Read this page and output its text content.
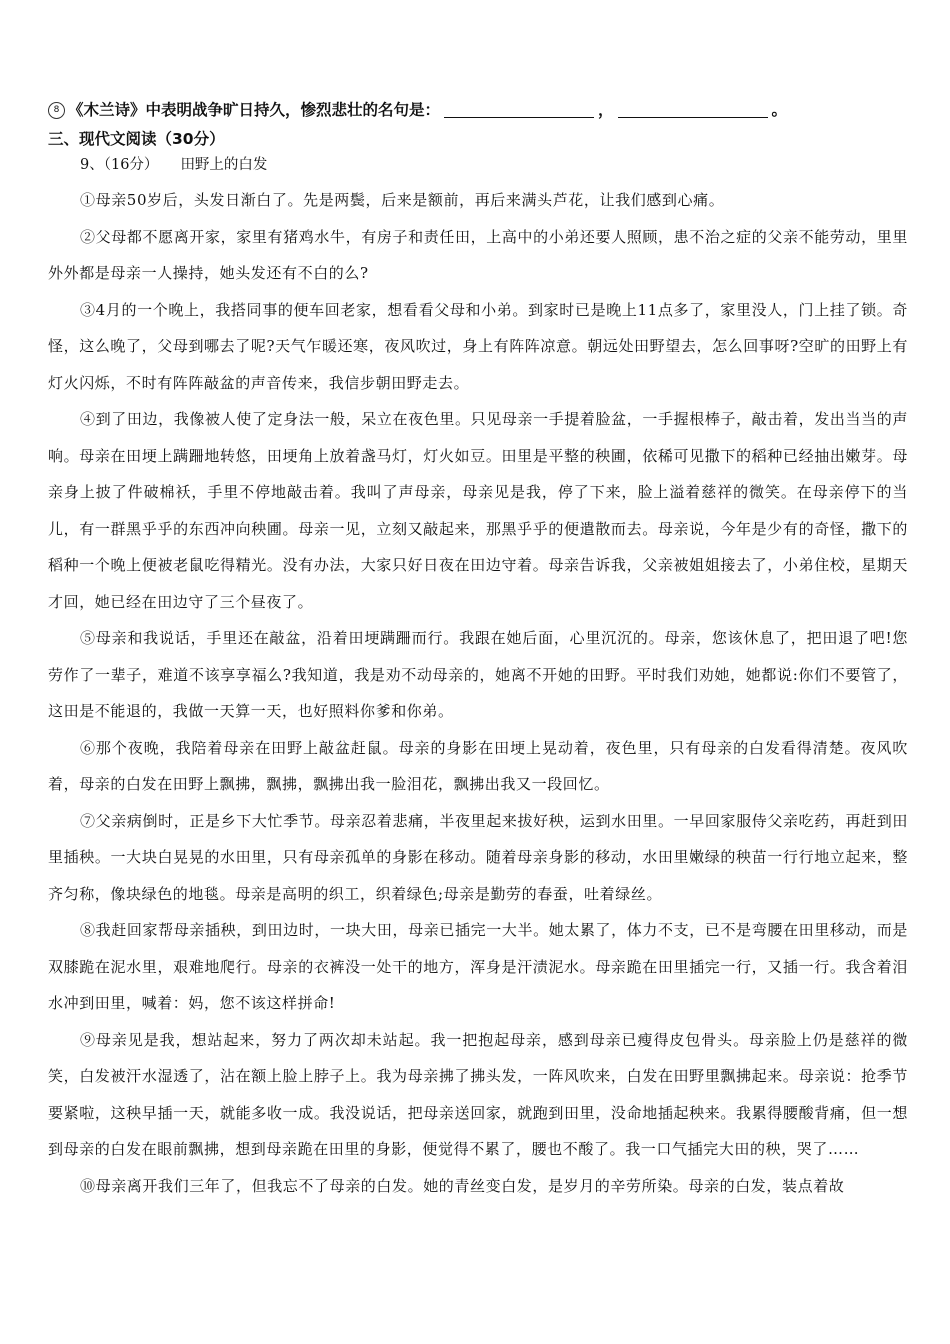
8 《木兰诗》中表明战争旷日持久，惨烈悲壮的名句是：	，	。
三、现代文阅读（30分）
9、（16分） 田野上的白发

①母亲50岁后，头发日渐白了。先是两鬓，后来是额前，再后来满头芦花，让我们感到心痛。

②父母都不愿离开家，家里有猪鸡水牛，有房子和责任田，上高中的小弟还要人照顾，患不治之症的父亲不能劳动，里里外外都是母亲一人操持，她头发还有不白的么?

③4月的一个晚上，我搭同事的便车回老家，想看看父母和小弟。到家时已是晚上11点多了，家里没人，门上挂了锁。奇怪，这么晚了，父母到哪去了呢?天气乍暖还寒，夜风吹过，身上有阵阵凉意。朝远处田野望去，怎么回事呀?空旷的田野上有灯火闪烁，不时有阵阵敲盆的声音传来，我信步朝田野走去。

④到了田边，我像被人使了定身法一般，呆立在夜色里。只见母亲一手提着脸盆，一手握根棒子，敲击着，发出当当的声响。母亲在田埂上蹒跚地转悠，田埂角上放着盏马灯，灯火如豆。田里是平整的秧圃，依稀可见撒下的稻种已经抽出嫩芽。母亲身上披了件破棉袄，手里不停地敲击着。我叫了声母亲，母亲见是我，停了下来，脸上溢着慈祥的微笑。在母亲停下的当儿，有一群黑乎乎的东西冲向秧圃。母亲一见，立刻又敲起来，那黑乎乎的便遣散而去。母亲说，今年是少有的奇怪，撒下的稻种一个晚上便被老鼠吃得精光。没有办法，大家只好日夜在田边守着。母亲告诉我，父亲被姐姐接去了，小弟住校，星期天才回，她已经在田边守了三个昼夜了。

⑤母亲和我说话，手里还在敲盆，沿着田埂蹒跚而行。我跟在她后面，心里沉沉的。母亲，您该休息了，把田退了吧!您劳作了一辈子，难道不该享享福么?我知道，我是劝不动母亲的，她离不开她的田野。平时我们劝她，她都说:你们不要管了，这田是不能退的，我做一天算一天，也好照料你爹和你弟。

⑥那个夜晚，我陪着母亲在田野上敲盆赶鼠。母亲的身影在田埂上晃动着，夜色里，只有母亲的白发看得清楚。夜风吹着，母亲的白发在田野上飘拂，飘拂，飘拂出我一脸泪花，飘拂出我又一段回忆。

⑦父亲病倒时，正是乡下大忙季节。母亲忍着悲痛，半夜里起来拔好秧，运到水田里。一早回家服侍父亲吃药，再赶到田里插秧。一大块白晃晃的水田里，只有母亲孤单的身影在移动。随着母亲身影的移动，水田里嫩绿的秧苗一行行地立起来，整齐匀称，像块绿色的地毯。母亲是高明的织工，织着绿色;母亲是勤劳的春蚕，吐着绿丝。

⑧我赶回家帮母亲插秧，到田边时，一块大田，母亲已插完一大半。她太累了，体力不支，已不是弯腰在田里移动，而是双膝跪在泥水里，艰难地爬行。母亲的衣裤没一处干的地方，浑身是汗渍泥水。母亲跪在田里插完一行，又插一行。我含着泪水冲到田里，喊着：妈，您不该这样拼命!

⑨母亲见是我，想站起来，努力了两次却未站起。我一把抱起母亲，感到母亲已瘦得皮包骨头。母亲脸上仍是慈祥的微笑，白发被汗水湿透了，沾在额上脸上脖子上。我为母亲拂了拂头发，一阵风吹来，白发在田野里飘拂起来。母亲说：抢季节要紧啦，这秧早插一天，就能多收一成。我没说话，把母亲送回家，就跑到田里，没命地插起秧来。我累得腰酸背痛，但一想到母亲的白发在眼前飘拂，想到母亲跪在田里的身影，便觉得不累了，腰也不酸了。我一口气插完大田的秧，哭了……

⑩母亲离开我们三年了，但我忘不了母亲的白发。她的青丝变白发，是岁月的辛劳所染。母亲的白发，装点着故
